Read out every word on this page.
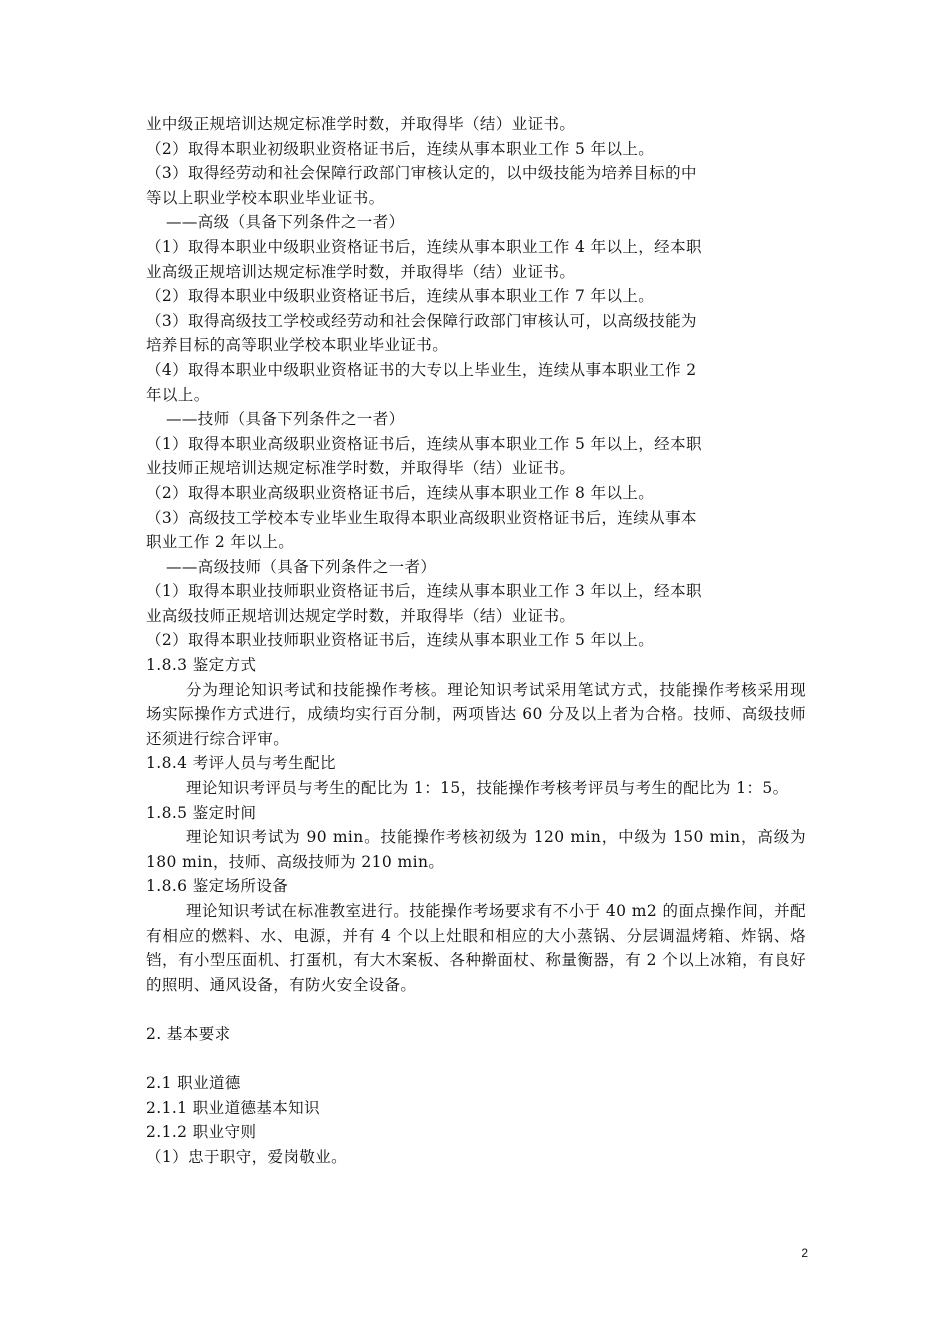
业中级正规培训达规定标准学时数，并取得毕（结）业证书。
（2）取得本职业初级职业资格证书后，连续从事本职业工作 5 年以上。
（3）取得经劳动和社会保障行政部门审核认定的，以中级技能为培养目标的中
等以上职业学校本职业毕业证书。
——高级（具备下列条件之一者）
（1）取得本职业中级职业资格证书后，连续从事本职业工作 4 年以上，经本职
业高级正规培训达规定标准学时数，并取得毕（结）业证书。
（2）取得本职业中级职业资格证书后，连续从事本职业工作 7 年以上。
（3）取得高级技工学校或经劳动和社会保障行政部门审核认可，以高级技能为
培养目标的高等职业学校本职业毕业证书。
（4）取得本职业中级职业资格证书的大专以上毕业生，连续从事本职业工作 2
年以上。
——技师（具备下列条件之一者）
（1）取得本职业高级职业资格证书后，连续从事本职业工作 5 年以上，经本职
业技师正规培训达规定标准学时数，并取得毕（结）业证书。
（2）取得本职业高级职业资格证书后，连续从事本职业工作 8 年以上。
（3）高级技工学校本专业毕业生取得本职业高级职业资格证书后，连续从事本
职业工作 2 年以上。
——高级技师（具备下列条件之一者）
（1）取得本职业技师职业资格证书后，连续从事本职业工作 3 年以上，经本职
业高级技师正规培训达规定学时数，并取得毕（结）业证书。
（2）取得本职业技师职业资格证书后，连续从事本职业工作 5 年以上。
1.8.3 鉴定方式
分为理论知识考试和技能操作考核。理论知识考试采用笔试方式，技能操作考核采用现场实际操作方式进行，成绩均实行百分制，两项皆达 60 分及以上者为合格。技师、高级技师还须进行综合评审。
1.8.4 考评人员与考生配比
理论知识考评员与考生的配比为 1：15，技能操作考核考评员与考生的配比为 1：5。
1.8.5 鉴定时间
理论知识考试为 90 min。技能操作考核初级为 120 min，中级为 150 min，高级为 180 min，技师、高级技师为 210 min。
1.8.6 鉴定场所设备
理论知识考试在标准教室进行。技能操作考场要求有不小于 40 m2 的面点操作间，并配有相应的燃料、水、电源，并有 4 个以上灶眼和相应的大小蒸锅、分层调温烤箱、炸锅、烙铛，有小型压面机、打蛋机，有大木案板、各种擀面杖、称量衡器，有 2 个以上冰箱，有良好的照明、通风设备，有防火安全设备。
2. 基本要求
2.1 职业道德
2.1.1 职业道德基本知识
2.1.2 职业守则
（1）忠于职守，爱岗敬业。
2
